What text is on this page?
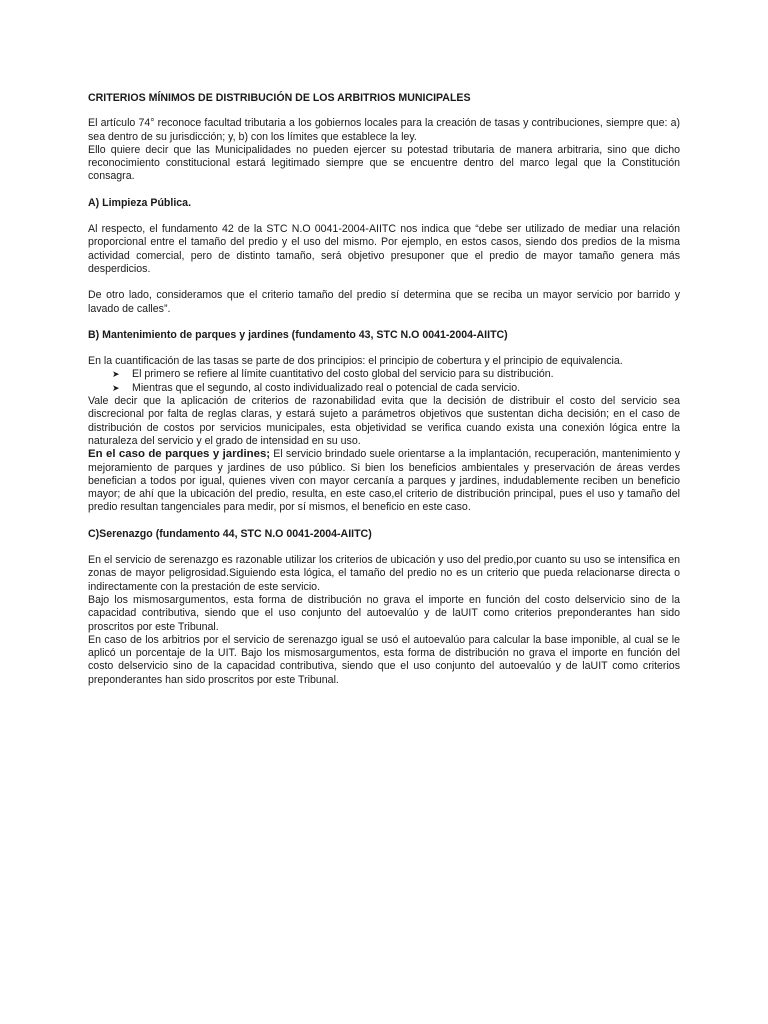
CRITERIOS MÍNIMOS DE DISTRIBUCIÓN DE LOS ARBITRIOS MUNICIPALES

El artículo 74° reconoce facultad tributaria a los gobiernos locales para la creación de tasas y contribuciones, siempre que: a) sea dentro de su jurisdicción; y, b) con los límites que establece la ley.

Ello quiere decir que las Municipalidades no pueden ejercer su potestad tributaria de manera arbitraria, sino que dicho reconocimiento constitucional estará legitimado siempre que se encuentre dentro del marco legal que la Constitución consagra.

A) Limpieza Pública.

Al respecto, el fundamento 42 de la STC N.O 0041-2004-AIITC nos indica que “debe ser utilizado de mediar una relación proporcional entre el tamaño del predio y el uso del mismo. Por ejemplo, en estos casos, siendo dos predios de la misma actividad comercial, pero de distinto tamaño, será objetivo presuponer que el predio de mayor tamaño genera más desperdicios.

De otro lado, consideramos que el criterio tamaño del predio sí determina que se reciba un mayor servicio por barrido y lavado de calles”.

B) Mantenimiento de parques y jardines (fundamento 43, STC N.O 0041-2004-AIITC)

En la cuantificación de las tasas se parte de dos principios: el principio de cobertura y el principio de equivalencia.

➤ El primero se refiere al límite cuantitativo del costo global del servicio para su distribución.
➤ Mientras que el segundo, al costo individualizado real o potencial de cada servicio.

Vale decir que la aplicación de criterios de razonabilidad evita que la decisión de distribuir el costo del servicio sea discrecional por falta de reglas claras, y estará sujeto a parámetros objetivos que sustentan dicha decisión; en el caso de distribución de costos por servicios municipales, esta objetividad se verifica cuando exista una conexión lógica entre la naturaleza del servicio y el grado de intensidad en su uso.

En el caso de parques y jardines; El servicio brindado suele orientarse a la implantación, recuperación, mantenimiento y mejoramiento de parques y jardines de uso público. Si bien los beneficios ambientales y preservación de áreas verdes benefician a todos por igual, quienes viven con mayor cercanía a parques y jardines, indudablemente reciben un beneficio mayor; de ahí que la ubicación del predio, resulta, en este caso,el criterio de distribución principal, pues el uso y tamaño del predio resultan tangenciales para medir, por sí mismos, el beneficio en este caso.

C)Serenazgo (fundamento 44, STC N.O 0041-2004-AIITC)

En el servicio de serenazgo es razonable utilizar los criterios de ubicación y uso del predio,por cuanto su uso se intensifica en zonas de mayor peligrosidad.Siguiendo esta lógica, el tamaño del predio no es un criterio que pueda relacionarse directa o indirectamente con la prestación de este servicio.

Bajo los mismosargumentos, esta forma de distribución no grava el importe en función del costo delservicio sino de la capacidad contributiva, siendo que el uso conjunto del autoevalúo y de laUIT como criterios preponderantes han sido proscritos por este Tribunal.

En caso de los arbitrios por el servicio de serenazgo igual se usó el autoevalúo para calcular la base imponible, al cual se le aplicó un porcentaje de la UIT. Bajo los mismosargumentos, esta forma de distribución no grava el importe en función del costo delservicio sino de la capacidad contributiva, siendo que el uso conjunto del autoevalúo y de laUIT como criterios preponderantes han sido proscritos por este Tribunal.
